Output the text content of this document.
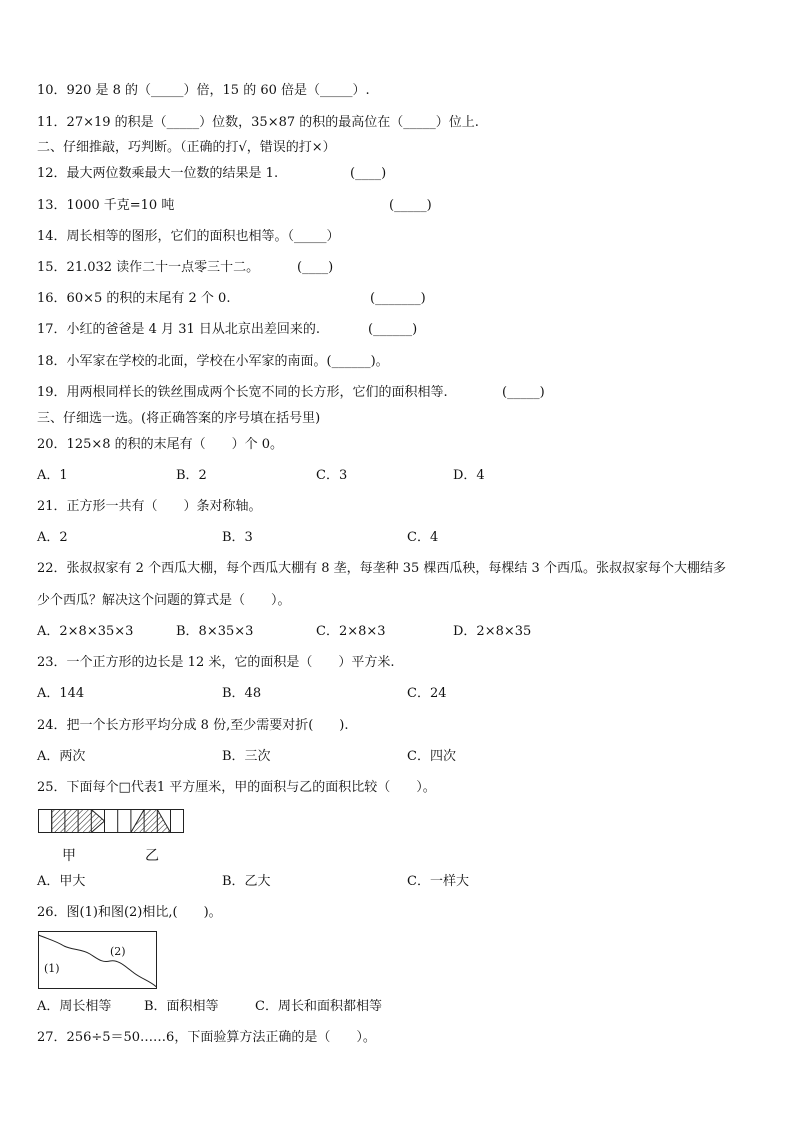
10．920 是 8 的（_____）倍，15 的 60 倍是（_____）.
11．27×19 的积是（_____）位数，35×87 的积的最高位在（_____）位上.
二、仔细推敲，巧判断。（正确的打√，错误的打×）
12．最大两位数乘最大一位数的结果是 1.	(____)
13．1000 千克=10 吨	(_____)
14．周长相等的图形，它们的面积也相等。（_____）
15．21.032 读作二十一点零三十二。	(____)
16．60×5 的积的末尾有 2 个 0.	(_______)
17．小红的爸爸是 4 月 31 日从北京出差回来的.	(______)
18．小军家在学校的北面，学校在小军家的南面。(______)。
19．用两根同样长的铁丝围成两个长宽不同的长方形，它们的面积相等.	(_____)
三、仔细选一选。(将正确答案的序号填在括号里)
20．125×8 的积的末尾有（　　）个 0。
A．1	B．2	C．3	D．4
21．正方形一共有（　　）条对称轴。
A．2	B．3	C．4
22．张叔叔家有 2 个西瓜大棚，每个西瓜大棚有 8 垄，每垄种 35 棵西瓜秧，每棵结 3 个西瓜。张叔叔家每个大棚结多
少个西瓜？解决这个问题的算式是（　　）。
A．2×8×35×3	B．8×35×3	C．2×8×3	D．2×8×35
23．一个正方形的边长是 12 米，它的面积是（　　）平方米.
A．144	B．48	C．24
24．把一个长方形平均分成 8 份,至少需要对折(　　).
A．两次	B．三次	C．四次
25．下面每个□代表1 平方厘米，甲的面积与乙的面积比较（　　）。
甲	乙
A．甲大	B．乙大	C．一样大
26．图(1)和图(2)相比,(　　)。
(1)
(2)
A．周长相等	B．面积相等	C．周长和面积都相等
27．256÷5＝50……6，下面验算方法正确的是（　　）。
